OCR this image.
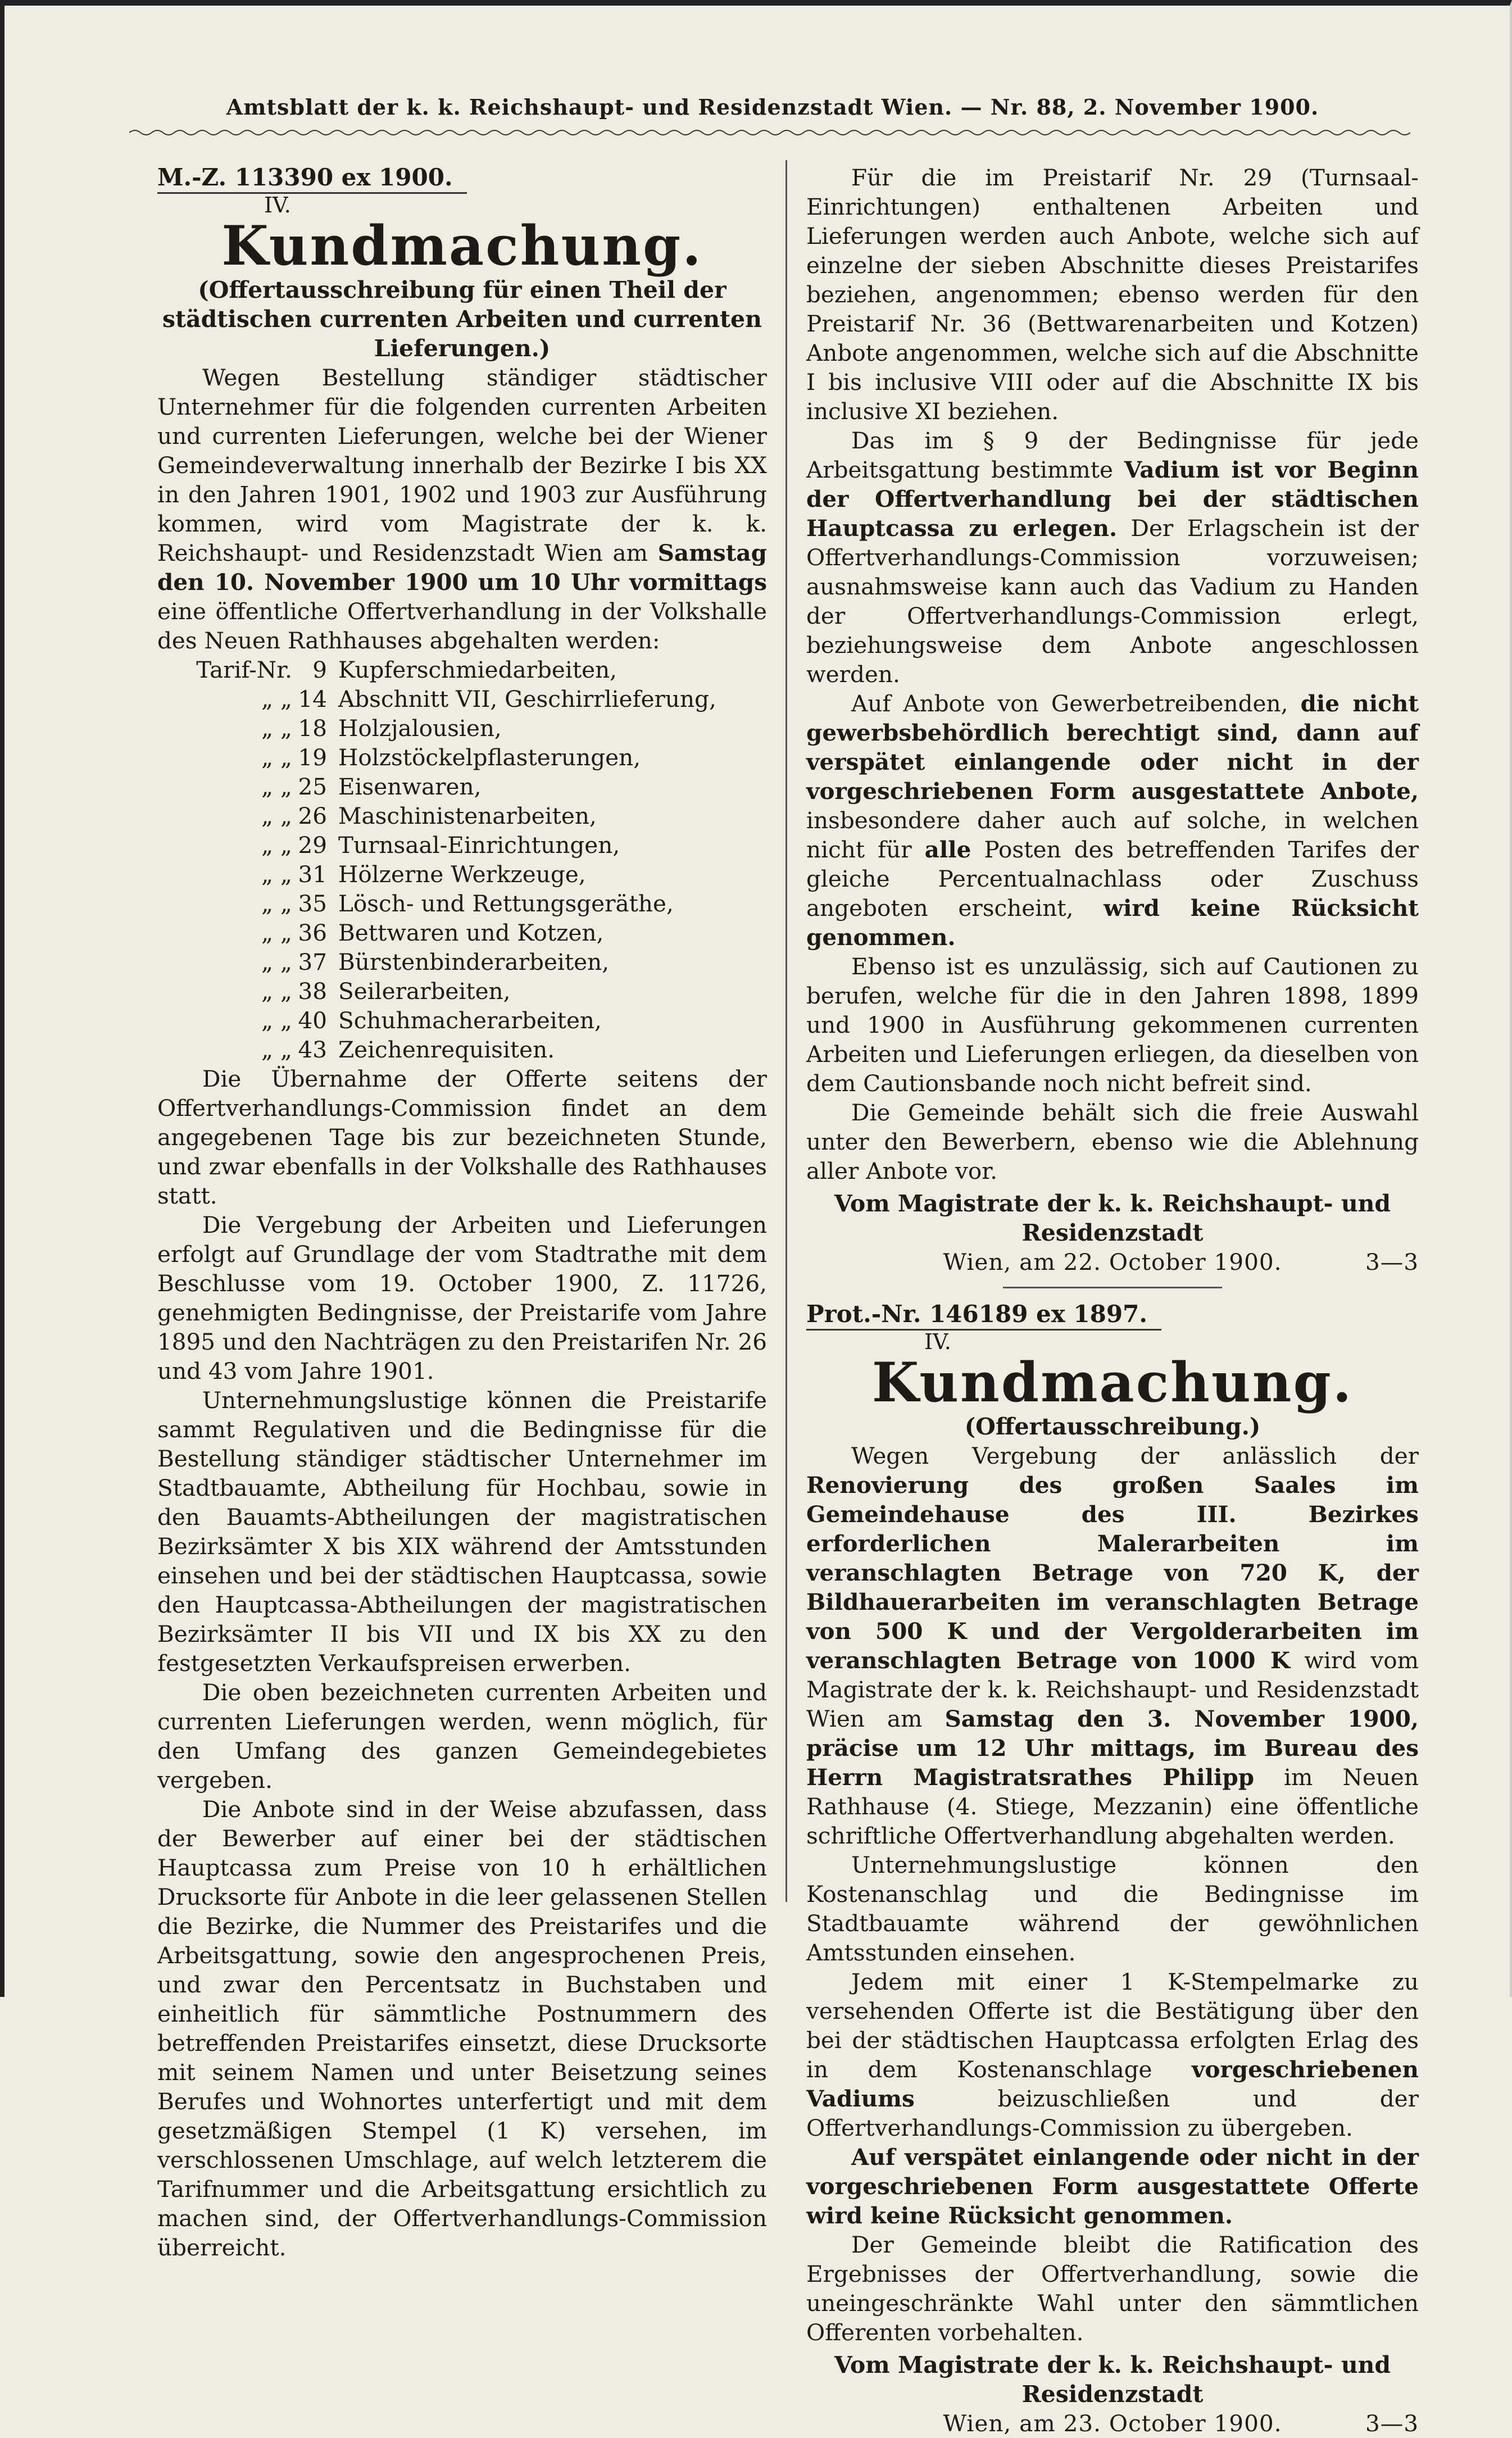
Amtsblatt der k. k. Reichshaupt- und Residenzstadt Wien. — Nr. 88, 2. November 1900.
M.-Z. 113390 ex 1900.
IV.
Kundmachung.

(Offertausschreibung für einen Theil der städtischen currenten Arbeiten und currenten Lieferungen.)

Wegen Bestellung ständiger städtischer Unternehmer für die folgenden currenten Arbeiten und currenten Lieferungen, welche bei der Wiener Gemeindeverwaltung innerhalb der Bezirke I bis XX in den Jahren 1901, 1902 und 1903 zur Ausführung kommen, wird vom Magistrate der k. k. Reichshaupt- und Residenzstadt Wien am Samstag den 10. November 1900 um 10 Uhr vormittags eine öffentliche Offertverhandlung in der Volkshalle des Neuen Rathhauses abgehalten werden:

Tarif-Nr. 9 Kupferschmiedarbeiten,
„ „ 14 Abschnitt VII, Geschirrlieferung,
„ „ 18 Holzjalousien,
„ „ 19 Holzstöckelpflasterungen,
„ „ 25 Eisenwaren,
„ „ 26 Maschinistenarbeiten,
„ „ 29 Turnsaal-Einrichtungen,
„ „ 31 Hölzerne Werkzeuge,
„ „ 35 Lösch- und Rettungsgeräthe,
„ „ 36 Bettwaren und Kotzen,
„ „ 37 Bürstenbinderarbeiten,
„ „ 38 Seilerarbeiten,
„ „ 40 Schuhmacherarbeiten,
„ „ 43 Zeichenrequisiten.

Die Übernahme der Offerte seitens der Offertverhandlungs-Commission findet an dem angegebenen Tage bis zur bezeichneten Stunde, und zwar ebenfalls in der Volkshalle des Rathhauses statt.

Die Vergebung der Arbeiten und Lieferungen erfolgt auf Grundlage der vom Stadtrathe mit dem Beschlusse vom 19. October 1900, Z. 11726, genehmigten Bedingnisse, der Preistarife vom Jahre 1895 und den Nachträgen zu den Preistarifen Nr. 26 und 43 vom Jahre 1901.

Unternehmungslustige können die Preistarife sammt Regulativen und die Bedingnisse für die Bestellung ständiger städtischer Unternehmer im Stadtbauamte, Abtheilung für Hochbau, sowie in den Bauamts-Abtheilungen der magistratischen Bezirksämter X bis XIX während der Amtsstunden einsehen und bei der städtischen Hauptcassa, sowie den Hauptcassa-Abtheilungen der magistratischen Bezirksämter II bis VII und IX bis XX zu den festgesetzten Verkaufspreisen erwerben.

Die oben bezeichneten currenten Arbeiten und currenten Lieferungen werden, wenn möglich, für den Umfang des ganzen Gemeindegebietes vergeben.

Die Anbote sind in der Weise abzufassen, dass der Bewerber auf einer bei der städtischen Hauptcassa zum Preise von 10 h erhältlichen Drucksorte für Anbote in die leer gelassenen Stellen die Bezirke, die Nummer des Preistarifes und die Arbeitsgattung, sowie den angesprochenen Preis, und zwar den Percentsatz in Buchstaben und einheitlich für sämmtliche Postnummern des betreffenden Preistarifes einsetzt, diese Drucksorte mit seinem Namen und unter Beisetzung seines Berufes und Wohnortes unterfertigt und mit dem gesetzmäßigen Stempel (1 K) versehen, im verschlossenen Umschlage, auf welch letzterem die Tarifnummer und die Arbeitsgattung ersichtlich zu machen sind, der Offertverhandlungs-Commission überreicht.

Für die im Preistarif Nr. 29 (Turnsaal-Einrichtungen) enthaltenen Arbeiten und Lieferungen werden auch Anbote, welche sich auf einzelne der sieben Abschnitte dieses Preistarifes beziehen, angenommen; ebenso werden für den Preistarif Nr. 36 (Bettwarenarbeiten und Kotzen) Anbote angenommen, welche sich auf die Abschnitte I bis inclusive VIII oder auf die Abschnitte IX bis inclusive XI beziehen.

Das im § 9 der Bedingnisse für jede Arbeitsgattung bestimmte Vadium ist vor Beginn der Offertverhandlung bei der städtischen Hauptcassa zu erlegen. Der Erlagschein ist der Offertverhandlungs-Commission vorzuweisen; ausnahmsweise kann auch das Vadium zu Handen der Offertverhandlungs-Commission erlegt, beziehungsweise dem Anbote angeschlossen werden.

Auf Anbote von Gewerbetreibenden, die nicht gewerbsbehördlich berechtigt sind, dann auf verspätet einlangende oder nicht in der vorgeschriebenen Form ausgestattete Anbote, insbesondere daher auch auf solche, in welchen nicht für alle Posten des betreffenden Tarifes der gleiche Percentualnachlass oder Zuschuss angeboten erscheint, wird keine Rücksicht genommen.

Ebenso ist es unzulässig, sich auf Cautionen zu berufen, welche für die in den Jahren 1898, 1899 und 1900 in Ausführung gekommenen currenten Arbeiten und Lieferungen erliegen, da dieselben von dem Cautionsbande noch nicht befreit sind.

Die Gemeinde behält sich die freie Auswahl unter den Bewerbern, ebenso wie die Ablehnung aller Anbote vor.

Vom Magistrate der k. k. Reichshaupt- und Residenzstadt
Wien, am 22. October 1900.	3—3
Prot.-Nr. 146189 ex 1897.
IV.
Kundmachung.

(Offertausschreibung.)

Wegen Vergebung der anlässlich der Renovierung des großen Saales im Gemeindehause des III. Bezirkes erforderlichen Malerarbeiten im veranschlagten Betrage von 720 K, der Bildhauerarbeiten im veranschlagten Betrage von 500 K und der Vergolderarbeiten im veranschlagten Betrage von 1000 K wird vom Magistrate der k. k. Reichshaupt- und Residenzstadt Wien am Samstag den 3. November 1900, präcise um 12 Uhr mittags, im Bureau des Herrn Magistratsrathes Philipp im Neuen Rathhause (4. Stiege, Mezzanin) eine öffentliche schriftliche Offertverhandlung abgehalten werden.

Unternehmungslustige können den Kostenanschlag und die Bedingnisse im Stadtbauamte während der gewöhnlichen Amtsstunden einsehen.

Jedem mit einer 1 K-Stempelmarke zu versehenden Offerte ist die Bestätigung über den bei der städtischen Hauptcassa erfolgten Erlag des in dem Kostenanschlage vorgeschriebenen Vadiums beizuschließen und der Offertverhandlungs-Commission zu übergeben.

Auf verspätet einlangende oder nicht in der vorgeschriebenen Form ausgestattete Offerte wird keine Rücksicht genommen.

Der Gemeinde bleibt die Ratification des Ergebnisses der Offertverhandlung, sowie die uneingeschränkte Wahl unter den sämmtlichen Offerenten vorbehalten.

Vom Magistrate der k. k. Reichshaupt- und Residenzstadt
Wien, am 23. October 1900.	3—3
